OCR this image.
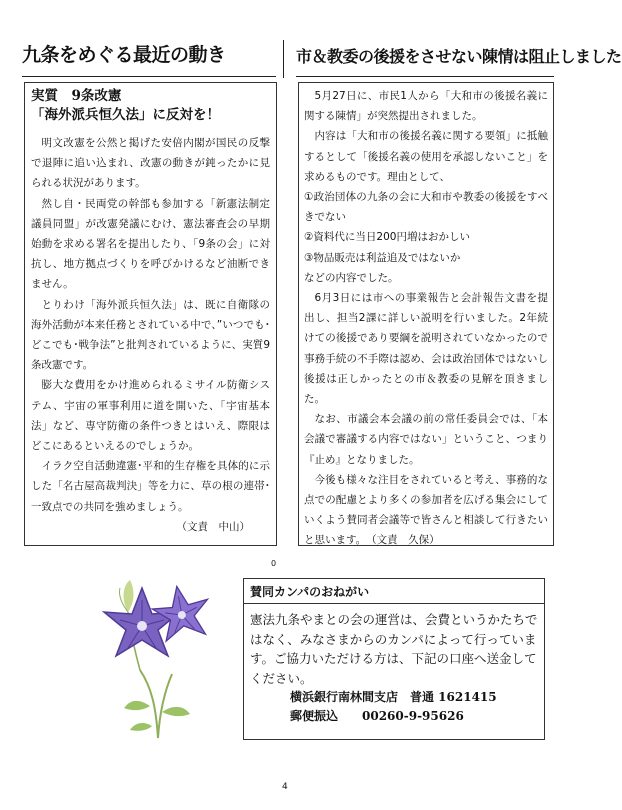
九条をめぐる最近の動き	市＆教委の後援をさせない陳情は阻止しました
実質　9条改憲
「海外派兵恒久法」に反対を！

明文改憲を公然と掲げた安倍内閣が国民の反撃で退陣に追い込まれ、改憲の動きが鈍ったかに見られる状況があります。

然し自・民両党の幹部も参加する「新憲法制定議員同盟」が改憲発議にむけ、憲法審査会の早期始動を求める署名を提出したり、「9条の会」に対抗し、地方拠点づくりを呼びかけるなど油断できません。

とりわけ「海外派兵恒久法」は、既に自衛隊の海外活動が本来任務とされている中で、”いつでも･どこでも･戦争法”と批判されているように、実質9条改憲です。

膨大な費用をかけ進められるミサイル防衛システム、宇宙の軍事利用に道を開いた、「宇宙基本法」など、専守防衛の条件つきとはいえ、際限はどこにあるといえるのでしょうか。

イラク空自活動違憲･平和的生存権を具体的に示した「名古屋高裁判決」等を力に、草の根の連帯･一致点での共同を強めましょう。

（文責　中山）

5月27日に、市民1人から「大和市の後援名義に関する陳情」が突然提出されました。

内容は「大和市の後援名義に関する要領」に抵触するとして「後援名義の使用を承認しないこと」を求めるものです。理由として、

①政治団体の九条の会に大和市や教委の後援をすべきでない

②資料代に当日200円増はおかしい

③物品販売は利益追及ではないか

などの内容でした。

6月3日には市への事業報告と会計報告文書を提出し、担当2課に詳しい説明を行いました。2年続けての後援であり要綱を説明されていなかったので事務手続の不手際は認め、会は政治団体ではないし後援は正しかったとの市＆教委の見解を頂きました。

なお、市議会本会議の前の常任委員会では、「本会議で審議する内容ではない」ということ、つまり『止め』となりました。

今後も様々な注目をされていると考え、事務的な点での配慮とより多くの参加者を広げる集会にしていくよう賛同者会議等で皆さんと相談して行きたいと思います。　（文責　久保）

0
賛同カンパのおねがい

憲法九条やまとの会の運営は、会費というかたちではなく、みなさまからのカンパによって行っています。ご協力いただける方は、下記の口座へ送金してください。

横浜銀行南林間支店　普通 1621415
郵便振込　　00260-9-95626
4
